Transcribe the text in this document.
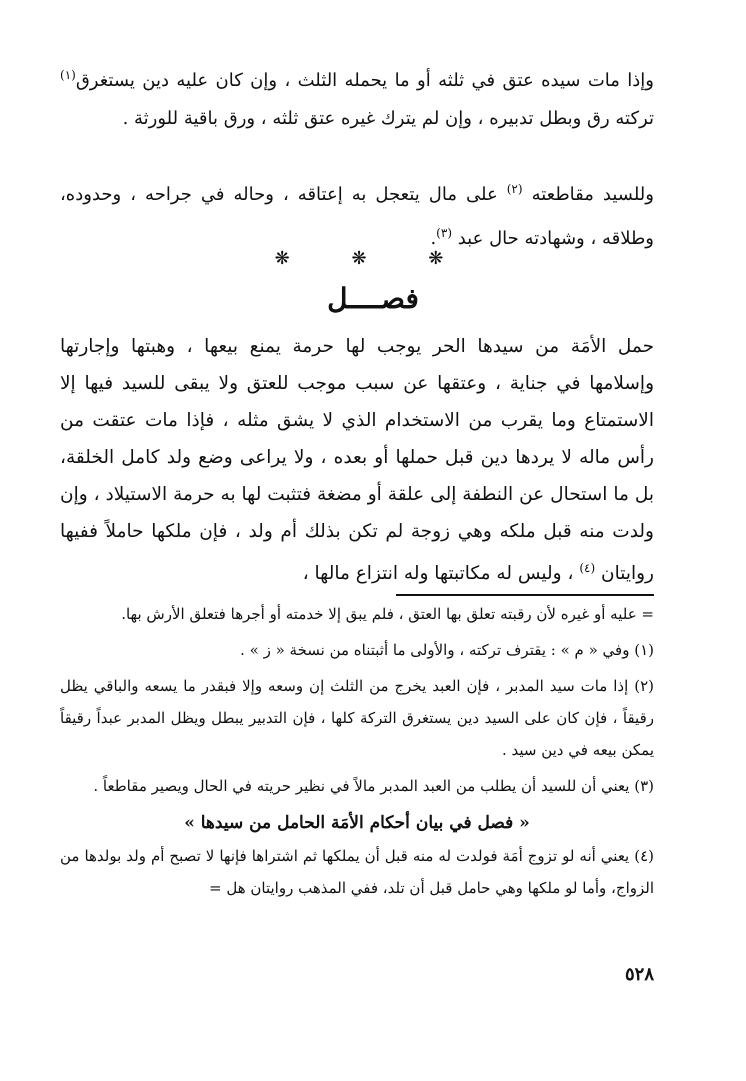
وإذا مات سيده عتق في ثلثه أو ما يحمله الثلث ، وإن كان عليه دين يستغرق$^{(١)}$ تركته رق وبطل تدبيره ، وإن لم يترك غيره عتق ثلثه ، ورق باقية للورثة .

وللسيد مقاطعته $^{(٢)}$ على مال يتعجل به إعتاقه ، وحاله في جراحه ، وحدوده، وطلاقه ، وشهادته حال عبد $^{(٣)}$.

❋ ❋ ❋
فصــــل

حمل الأمَة من سيدها الحر يوجب لها حرمة يمنع بيعها ، وهبتها وإجارتها وإسلامها في جناية ، وعتقها عن سبب موجب للعتق ولا يبقى للسيد فيها إلا الاستمتاع وما يقرب من الاستخدام الذي لا يشق مثله ، فإذا مات عتقت من رأس ماله لا يردها دين قبل حملها أو بعده ، ولا يراعى وضع ولد كامل الخلقة، بل ما استحال عن النطفة إلى علقة أو مضغة فتثبت لها به حرمة الاستيلاد ، وإن ولدت منه قبل ملكه وهي زوجة لم تكن بذلك أم ولد ، فإن ملكها حاملاً ففيها روايتان $^{(٤)}$ ، وليس له مكاتبتها وله انتزاع مالها ،

= عليه أو غيره لأن رقبته تعلق بها العتق ، فلم يبق إلا خدمته أو أجرها فتعلق الأرش بها.

(١) وفي « م » : يقترف تركته ، والأولى ما أثبتناه من نسخة « ز » .

(٢) إذا مات سيد المدبر ، فإن العبد يخرج من الثلث إن وسعه وإلا فبقدر ما يسعه والباقي يظل رقيقاً ، فإن كان على السيد دين يستغرق التركة كلها ، فإن التدبير يبطل ويظل المدبر عبداً رقيقاً يمكن بيعه في دين سيد .

(٣) يعني أن للسيد أن يطلب من العبد المدبر مالاً في نظير حريته في الحال ويصير مقاطعاً .

« فصل في بيان أحكام الأمَة الحامل من سيدها »

(٤) يعني أنه لو تزوج أمَة فولدت له منه قبل أن يملكها ثم اشتراها فإنها لا تصبح أم ولد بولدها من الزواج، وأما لو ملكها وهي حامل قبل أن تلد، ففي المذهب روايتان هل =

٥٢٨
